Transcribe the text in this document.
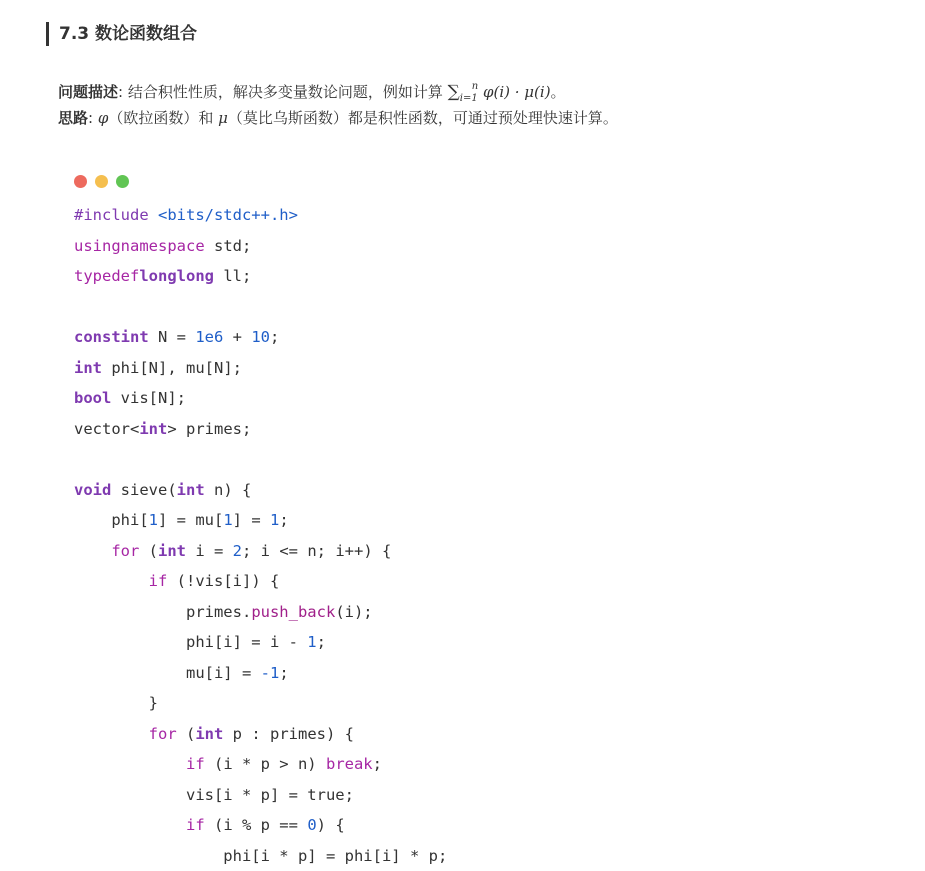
7.3 数论函数组合
问题描述: 结合积性性质，解决多变量数论问题，例如计算 $\sum_{i=1}^n$ φ(i) · μ(i)。
思路: φ（欧拉函数）和 μ（莫比乌斯函数）都是积性函数，可通过预处理快速计算。
#include <bits/stdc++.h>
usingnamespace std;
typedeflonglong ll;
constint N = 1e6 + 10;
int phi[N], mu[N];
bool vis[N];
vector<int> primes;
void sieve(int n) {
phi[1] = mu[1] = 1;
for (int i = 2; i <= n; i++) {
if (!vis[i]) {
primes.push_back(i);
phi[i] = i - 1;
mu[i] = -1;
}
for (int p : primes) {
if (i * p > n) break;
vis[i * p] = true;
if (i % p == 0) {
phi[i * p] = phi[i] * p;
